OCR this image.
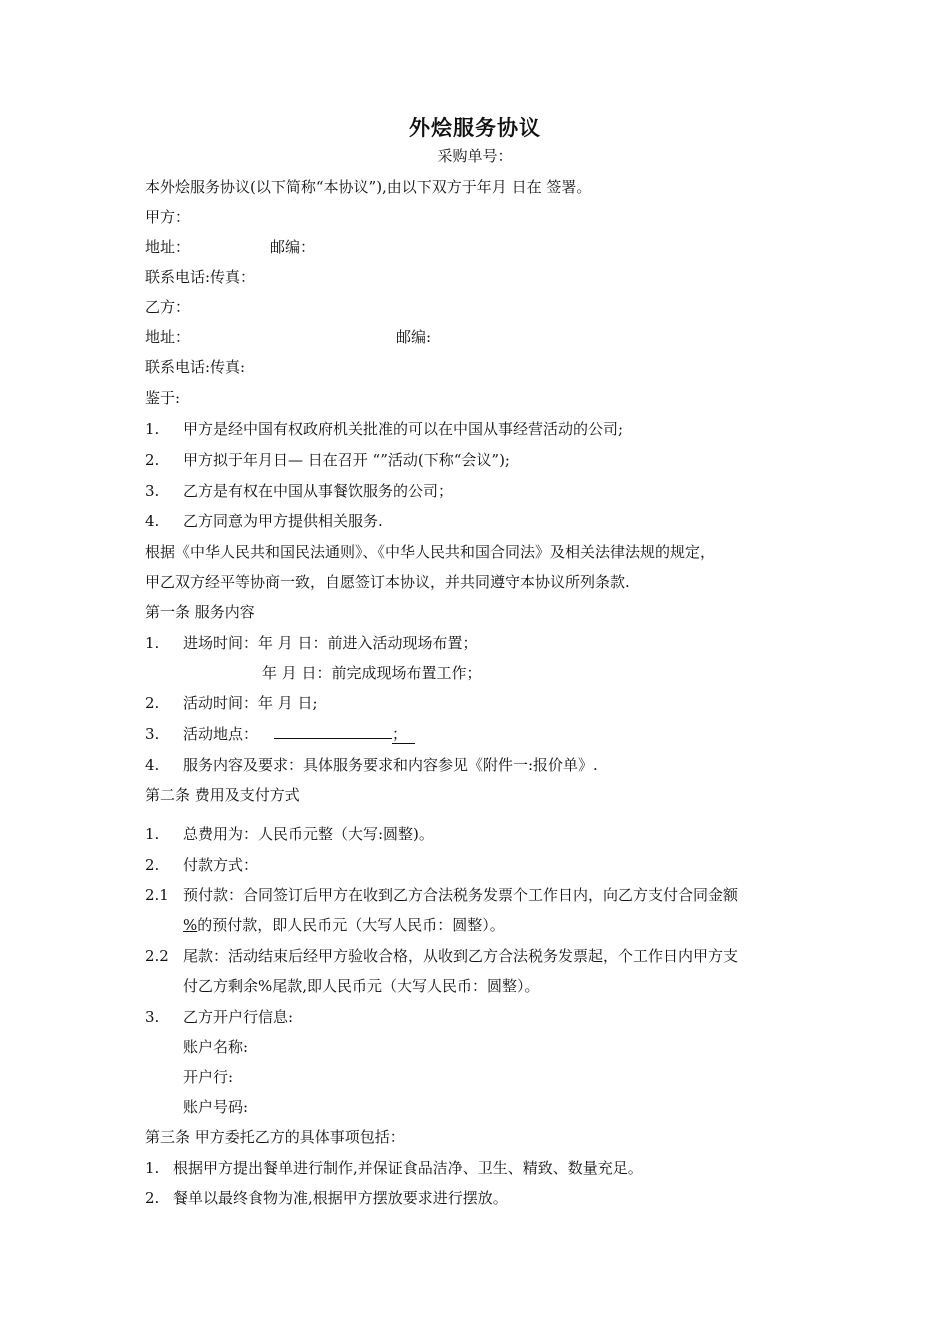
外烩服务协议
采购单号：
本外烩服务协议(以下简称“本协议”),由以下双方于年月 日在 签署。
甲方：
地址：	邮编：
联系电话:传真：
乙方：
地址：	邮编:
联系电话:传真:
鉴于:
1. 甲方是经中国有权政府机关批准的可以在中国从事经营活动的公司;
2. 甲方拟于年月日— 日在召开 “”活动(下称“会议”);
3. 乙方是有权在中国从事餐饮服务的公司；
4. 乙方同意为甲方提供相关服务.
根据《中华人民共和国民法通则》、《中华人民共和国合同法》及相关法律法规的规定，
甲乙双方经平等协商一致，自愿签订本协议，并共同遵守本协议所列条款.
第一条 服务内容
1. 进场时间：年 月 日：前进入活动现场布置；
年 月 日：前完成现场布置工作；
2. 活动时间：年 月 日;
3. 活动地点：	；
4. 服务内容及要求：具体服务要求和内容参见《附件一:报价单》.
第二条 费用及支付方式
1. 总费用为：人民币元整（大写:圆整)。
2. 付款方式：
2.1 预付款：合同签订后甲方在收到乙方合法税务发票个工作日内，向乙方支付合同金额
%的预付款，即人民币元（大写人民币：圆整）。
2.2 尾款：活动结束后经甲方验收合格，从收到乙方合法税务发票起，个工作日内甲方支
付乙方剩余%尾款,即人民币元（大写人民币：圆整）。
3. 乙方开户行信息:
账户名称:
开户行:
账户号码:
第三条 甲方委托乙方的具体事项包括：
1. 根据甲方提出餐单进行制作,并保证食品洁净、卫生、精致、数量充足。
2. 餐单以最终食物为准,根据甲方摆放要求进行摆放。
